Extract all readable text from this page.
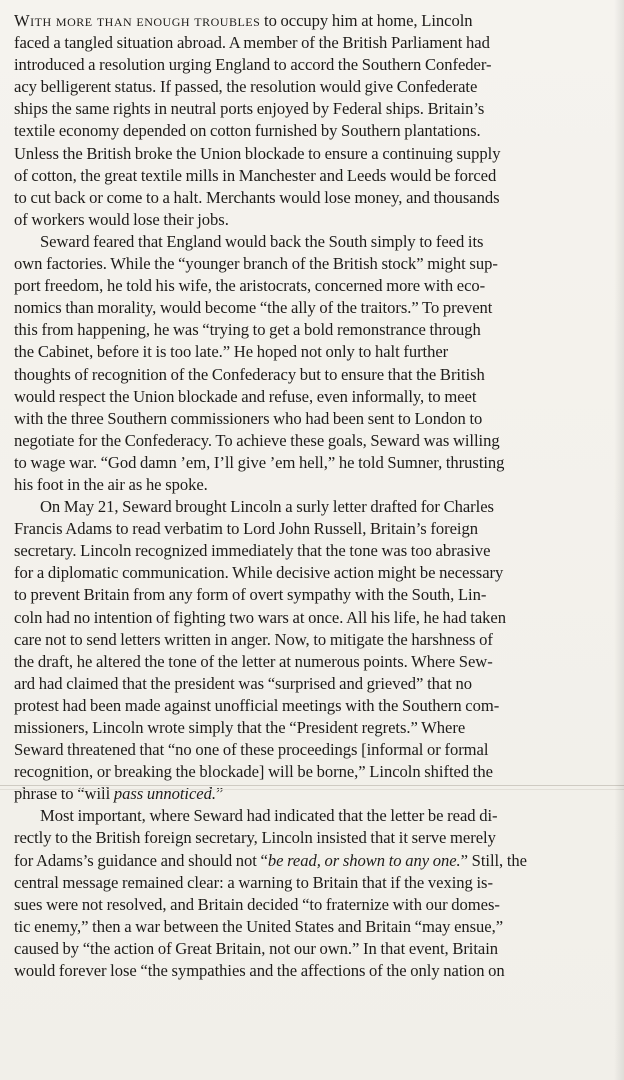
With more than enough troubles to occupy him at home, Lincoln
faced a tangled situation abroad. A member of the British Parliament had
introduced a resolution urging England to accord the Southern Confeder-
acy belligerent status. If passed, the resolution would give Confederate
ships the same rights in neutral ports enjoyed by Federal ships. Britain’s
textile economy depended on cotton furnished by Southern plantations.
Unless the British broke the Union blockade to ensure a continuing supply
of cotton, the great textile mills in Manchester and Leeds would be forced
to cut back or come to a halt. Merchants would lose money, and thousands
of workers would lose their jobs.
Seward feared that England would back the South simply to feed its
own factories. While the “younger branch of the British stock” might sup-
port freedom, he told his wife, the aristocrats, concerned more with eco-
nomics than morality, would become “the ally of the traitors.” To prevent
this from happening, he was “trying to get a bold remonstrance through
the Cabinet, before it is too late.” He hoped not only to halt further
thoughts of recognition of the Confederacy but to ensure that the British
would respect the Union blockade and refuse, even informally, to meet
with the three Southern commissioners who had been sent to London to
negotiate for the Confederacy. To achieve these goals, Seward was willing
to wage war. “God damn ’em, I’ll give ’em hell,” he told Sumner, thrusting
his foot in the air as he spoke.
On May 21, Seward brought Lincoln a surly letter drafted for Charles
Francis Adams to read verbatim to Lord John Russell, Britain’s foreign
secretary. Lincoln recognized immediately that the tone was too abrasive
for a diplomatic communication. While decisive action might be necessary
to prevent Britain from any form of overt sympathy with the South, Lin-
coln had no intention of fighting two wars at once. All his life, he had taken
care not to send letters written in anger. Now, to mitigate the harshness of
the draft, he altered the tone of the letter at numerous points. Where Sew-
ard had claimed that the president was “surprised and grieved” that no
protest had been made against unofficial meetings with the Southern com-
missioners, Lincoln wrote simply that the “President regrets.” Where
Seward threatened that “no one of these proceedings [informal or formal
recognition, or breaking the blockade] will be borne,” Lincoln shifted the
phrase to “will pass unnoticed.”
Most important, where Seward had indicated that the letter be read di-
rectly to the British foreign secretary, Lincoln insisted that it serve merely
for Adams’s guidance and should not “be read, or shown to any one.” Still, the
central message remained clear: a warning to Britain that if the vexing is-
sues were not resolved, and Britain decided “to fraternize with our domes-
tic enemy,” then a war between the United States and Britain “may ensue,”
caused by “the action of Great Britain, not our own.” In that event, Britain
would forever lose “the sympathies and the affections of the only nation on
